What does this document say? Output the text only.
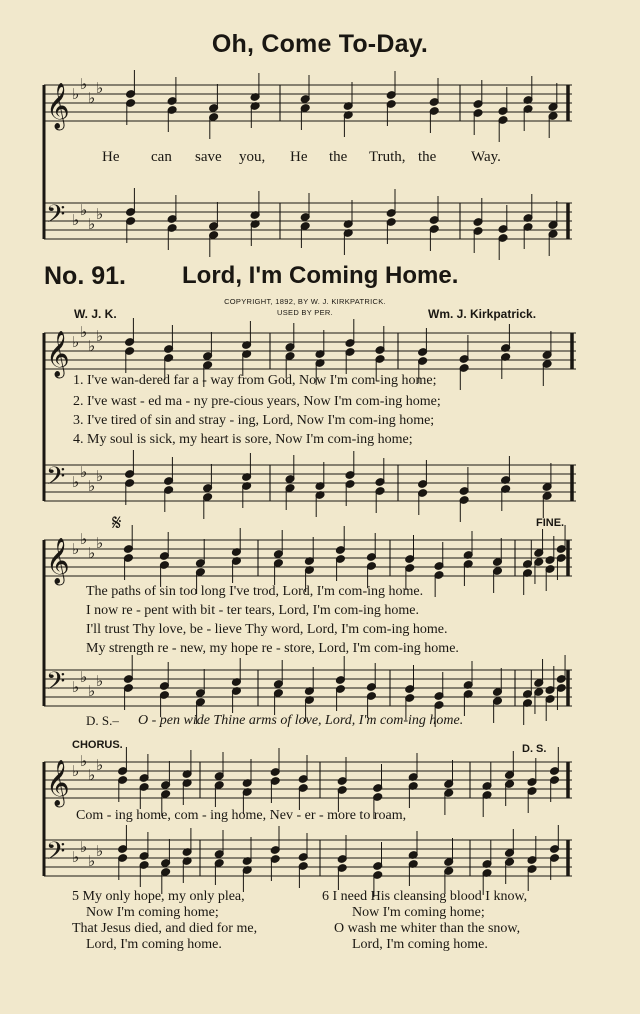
𝄞 ♭
♭
♭
♭
𝄢 ♭
♭
♭
♭
𝄞 ♭
♭
♭
♭
𝄢 ♭
♭
♭
♭
𝄞 ♭
♭
♭
♭
𝄢 ♭
♭
♭
♭
𝄞 ♭
♭
♭
♭
𝄢 ♭
♭
♭
♭
Oh, Come To-Day.
He can save you, He the Truth, the Way.
No. 91. Lord, I'm Coming Home.
W. J. K.
COPYRIGHT, 1892, BY W. J. KIRKPATRICK.
USED BY PER.	Wm. J. Kirkpatrick.
1. I've wan-dered far a - way from God, Now I'm com-ing home;
2. I've wast - ed ma - ny pre-cious years, Now I'm com-ing home;
3. I've tired of sin and stray - ing, Lord, Now I'm com-ing home;
4. My soul is sick, my heart is sore, Now I'm com-ing home;
𝄋	FINE.
The paths of sin too long I've trod, Lord, I'm com-ing home.
I now re - pent with bit - ter tears, Lord, I'm com-ing home.
I'll trust Thy love, be - lieve Thy word, Lord, I'm com-ing home.
My strength re - new, my hope re - store, Lord, I'm com-ing home.
D. S.– O - pen wide Thine arms of love, Lord, I'm com-ing home.
CHORUS.	D. S.
Com - ing home, com - ing home, Nev - er - more to roam,
5 My only hope, my only plea,
Now I'm coming home;
That Jesus died, and died for me,
Lord, I'm coming home.
6 I need His cleansing blood I know,
Now I'm coming home;
O wash me whiter than the snow,
Lord, I'm coming home.
